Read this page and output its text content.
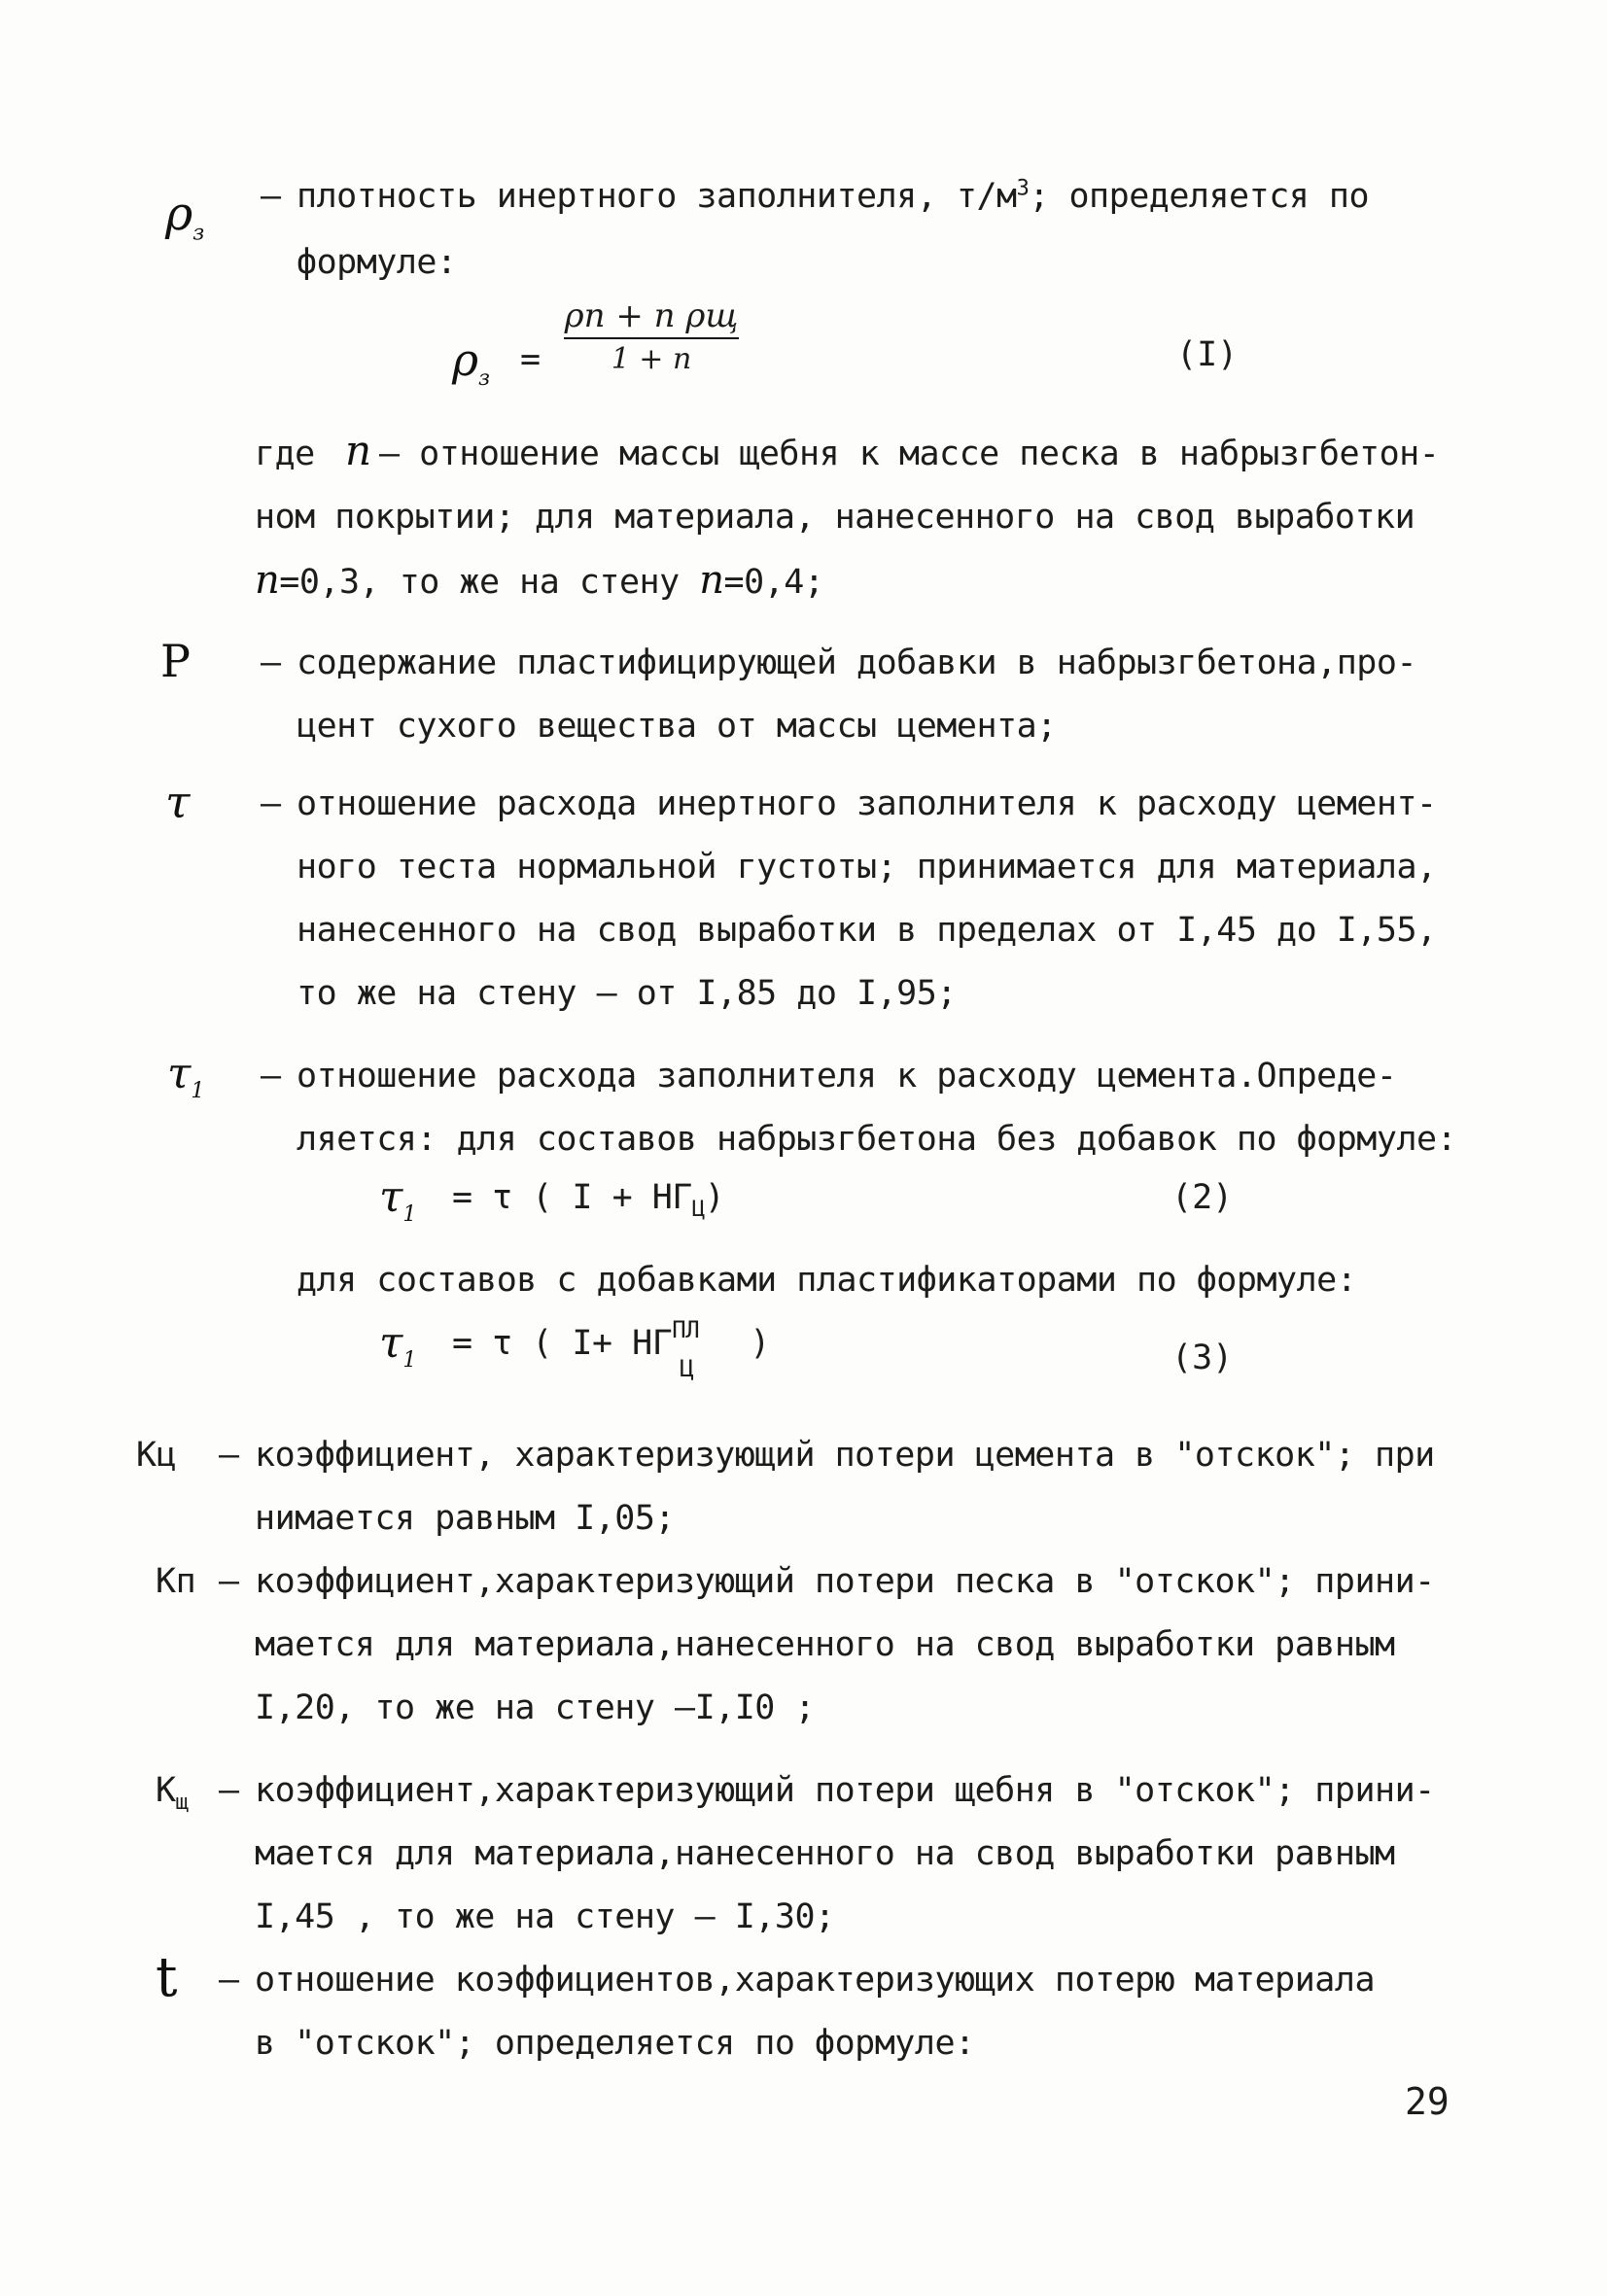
$\rho_з$
– плотность инертного заполнителя, $т/м^3$; определяется по
формуле:
$\rho_з$ =
ρп + n ρщ
1 + n	(I)
где n – отношение массы щебня к массе песка в набрызгбетон-
ном покрытии; для материала, нанесенного на свод выработки
n=0,3, то же на стену n=0,4;
P – содержание пластифицирующей добавки в набрызгбетона,про-
цент сухого вещества от массы цемента;
τ – отношение расхода инертного заполнителя к расходу цемент-
ного теста нормальной густоты; принимается для материала,
нанесенного на свод выработки в пределах от I,45 до I,55,
то же на стену – от I,85 до I,95;
$\tau_1$ – отношение расхода заполнителя к расходу цемента.Опреде-
ляется: для составов набрызгбетона без добавок по формуле:
$\tau_1 = \tau$ ( $I + НГ_Ц$)	(2)
для составов с добавками пластификаторами по формуле:
$\tau_1 = \tau$ ( I+ НГ ПЛ
Ц
)	(3)
Кц – коэффициент, характеризующий потери цемента в "отскок"; при
нимается равным I,05;
Кп – коэффициент,характеризующий потери песка в "отскок"; прини-
мается для материала,нанесенного на свод выработки равным
I,20, то же на стену –I,I0 ;
$К_щ$ – коэффициент,характеризующий потери щебня в "отскок"; прини-
мается для материала,нанесенного на свод выработки равным
I,45 , то же на стену – I,30;
t – отношение коэффициентов,характеризующих потерю материала
в "отскок"; определяется по формуле:
29
